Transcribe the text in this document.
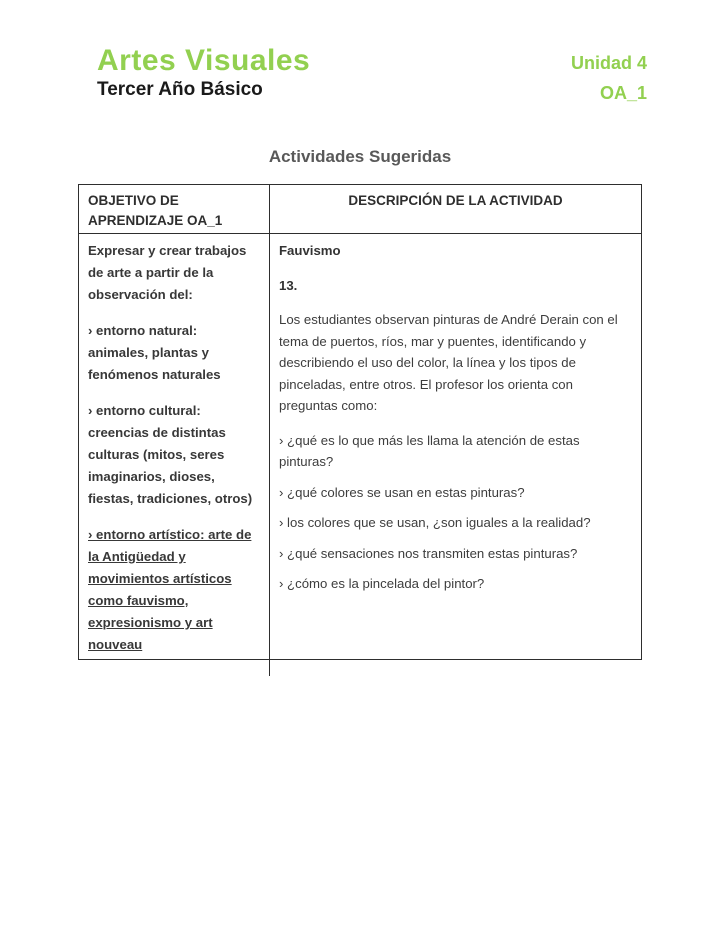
Artes Visuales
Tercer Año Básico
Unidad 4
OA_1
Actividades Sugeridas
OBJETIVO DE APRENDIZAJE OA_1
DESCRIPCIÓN DE LA ACTIVIDAD

Expresar y crear trabajos de arte a partir de la observación del:

› entorno natural: animales, plantas y fenómenos naturales

› entorno cultural: creencias de distintas culturas (mitos, seres imaginarios, dioses, fiestas, tradiciones, otros)

› entorno artístico: arte de la Antigüedad y movimientos artísticos como fauvismo, expresionismo y art nouveau

Fauvismo

13.

Los estudiantes observan pinturas de André Derain con el tema de puertos, ríos, mar y puentes, identificando y describiendo el uso del color, la línea y los tipos de pinceladas, entre otros. El profesor los orienta con preguntas como:

› ¿qué es lo que más les llama la atención de estas pinturas?

› ¿qué colores se usan en estas pinturas?

› los colores que se usan, ¿son iguales a la realidad?

› ¿qué sensaciones nos transmiten estas pinturas?

› ¿cómo es la pincelada del pintor?
